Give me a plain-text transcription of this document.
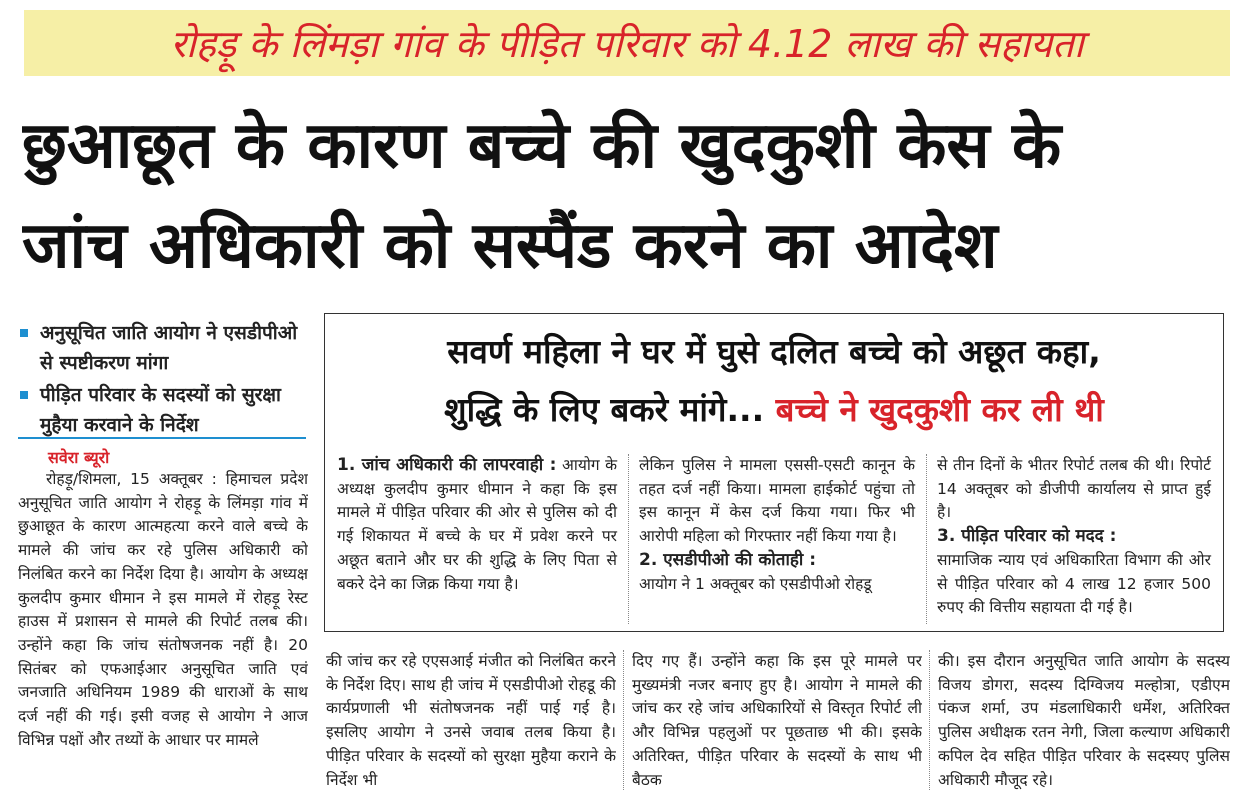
रोहड़ू के लिंमड़ा गांव के पीड़ित परिवार को 4.12 लाख की सहायता
छुआछूत के कारण बच्चे की खुदकुशी केस के
जांच अधिकारी को सस्पैंड करने का आदेश
अनुसूचित जाति आयोग ने एसडीपीओ से स्पष्टीकरण मांगा
पीड़ित परिवार के सदस्यों को सुरक्षा मुहैया करवाने के निर्देश
सवेरा ब्यूरो
रोहड़ू/शिमला, 15 अक्तूबर : हिमाचल प्रदेश अनुसूचित जाति आयोग ने रोहड़ू के लिंमड़ा गांव में छुआछूत के कारण आत्महत्या करने वाले बच्चे के मामले की जांच कर रहे पुलिस अधिकारी को निलंबित करने का निर्देश दिया है। आयोग के अध्यक्ष कुलदीप कुमार धीमान ने इस मामले में रोहड़ू रेस्ट हाउस में प्रशासन से मामले की रिपोर्ट तलब की। उन्होंने कहा कि जांच संतोषजनक नहीं है। 20 सितंबर को एफआईआर अनुसूचित जाति एवं जनजाति अधिनियम 1989 की धाराओं के साथ दर्ज नहीं की गई। इसी वजह से आयोग ने आज विभिन्न पक्षों और तथ्यों के आधार पर मामले
सवर्ण महिला ने घर में घुसे दलित बच्चे को अछूत कहा,
शुद्धि के लिए बकरे मांगे... बच्चे ने खुदकुशी कर ली थी
1. जांच अधिकारी की लापरवाही : आयोग के अध्यक्ष कुलदीप कुमार धीमान ने कहा कि इस मामले में पीड़ित परिवार की ओर से पुलिस को दी गई शिकायत में बच्चे के घर में प्रवेश करने पर अछूत बताने और घर की शुद्धि के लिए पिता से बकरे देने का जिक्र किया गया है।
लेकिन पुलिस ने मामला एससी-एसटी कानून के तहत दर्ज नहीं किया। मामला हाईकोर्ट पहुंचा तो इस कानून में केस दर्ज किया गया। फिर भी आरोपी महिला को गिरफ्तार नहीं किया गया है।
2. एसडीपीओ की कोताही :
आयोग ने 1 अक्तूबर को एसडीपीओ रोहडू
से तीन दिनों के भीतर रिपोर्ट तलब की थी। रिपोर्ट 14 अक्तूबर को डीजीपी कार्यालय से प्राप्त हुई है।
3. पीड़ित परिवार को मदद :
सामाजिक न्याय एवं अधिकारिता विभाग की ओर से पीड़ित परिवार को 4 लाख 12 हजार 500 रुपए की वित्तीय सहायता दी गई है।
की जांच कर रहे एएसआई मंजीत को निलंबित करने के निर्देश दिए। साथ ही जांच में एसडीपीओ रोहडू की कार्यप्रणाली भी संतोषजनक नहीं पाई गई है। इसलिए आयोग ने उनसे जवाब तलब किया है। पीड़ित परिवार के सदस्यों को सुरक्षा मुहैया कराने के निर्देश भी
दिए गए हैं। उन्होंने कहा कि इस पूरे मामले पर मुख्यमंत्री नजर बनाए हुए है। आयोग ने मामले की जांच कर रहे जांच अधिकारियों से विस्तृत रिपोर्ट ली और विभिन्न पहलुओं पर पूछताछ भी की। इसके अतिरिक्त, पीड़ित परिवार के सदस्यों के साथ भी बैठक
की। इस दौरान अनुसूचित जाति आयोग के सदस्य विजय डोगरा, सदस्य दिग्विजय मल्होत्रा, एडीएम पंकज शर्मा, उप मंडलाधिकारी धर्मेश, अतिरिक्त पुलिस अधीक्षक रतन नेगी, जिला कल्याण अधिकारी कपिल देव सहित पीड़ित परिवार के सदस्यए पुलिस अधिकारी मौजूद रहे।
